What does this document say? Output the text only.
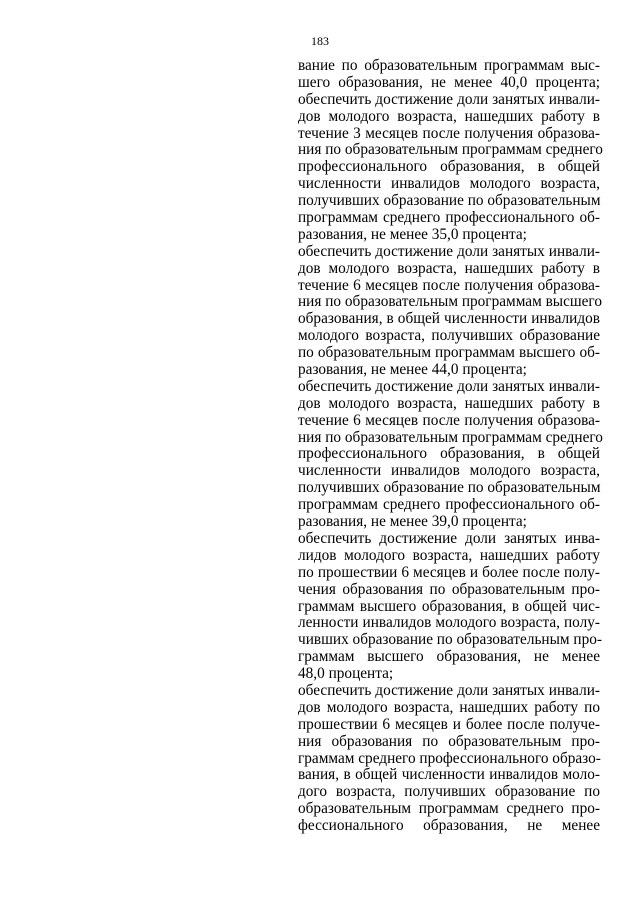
183
вание по образовательным программам выс-
шего образования, не менее 40,0 процента;
обеспечить достижение доли занятых инвали-
дов молодого возраста, нашедших работу в
течение 3 месяцев после получения образова-
ния по образовательным программам среднего
профессионального образования, в общей
численности инвалидов молодого возраста,
получивших образование по образовательным
программам среднего профессионального об-
разования, не менее 35,0 процента;
обеспечить достижение доли занятых инвали-
дов молодого возраста, нашедших работу в
течение 6 месяцев после получения образова-
ния по образовательным программам высшего
образования, в общей численности инвалидов
молодого возраста, получивших образование
по образовательным программам высшего об-
разования, не менее 44,0 процента;
обеспечить достижение доли занятых инвали-
дов молодого возраста, нашедших работу в
течение 6 месяцев после получения образова-
ния по образовательным программам среднего
профессионального образования, в общей
численности инвалидов молодого возраста,
получивших образование по образовательным
программам среднего профессионального об-
разования, не менее 39,0 процента;
обеспечить достижение доли занятых инва-
лидов молодого возраста, нашедших работу
по прошествии 6 месяцев и более после полу-
чения образования по образовательным про-
граммам высшего образования, в общей чис-
ленности инвалидов молодого возраста, полу-
чивших образование по образовательным про-
граммам высшего образования, не менее
48,0 процента;
обеспечить достижение доли занятых инвали-
дов молодого возраста, нашедших работу по
прошествии 6 месяцев и более после получе-
ния образования по образовательным про-
граммам среднего профессионального образо-
вания, в общей численности инвалидов моло-
дого возраста, получивших образование по
образовательным программам среднего про-
фессионального образования, не менее
